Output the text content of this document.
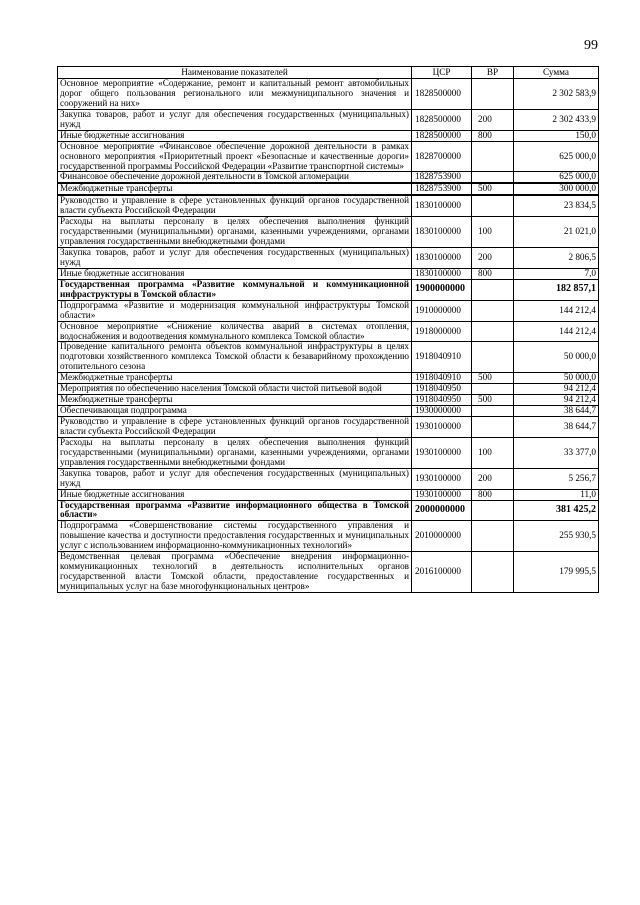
99
Наименование показателей	ЦСР	ВР	Сумма
Основное мероприятие «Содержание, ремонт и капитальный ремонт автомобильных дорог общего пользования регионального или межмуниципального значения и сооружений на них»	1828500000		2 302 583,9
Закупка товаров, работ и услуг для обеспечения государственных (муниципальных) нужд	1828500000	200	2 302 433,9
Иные бюджетные ассигнования	1828500000	800	150,0
Основное мероприятие «Финансовое обеспечение дорожной деятельности в рамках основного мероприятия «Приоритетный проект «Безопасные и качественные дороги» государственной программы Российской Федерации «Развитие транспортной системы»	1828700000		625 000,0
Финансовое обеспечение дорожной деятельности в Томской агломерации	1828753900		625 000,0

Межбюджетные трансферты	1828753900	500	300 000,0

Руководство и управление в сфере установленных функций органов государственной власти субъекта Российской Федерации	1830100000		23 834,5
Расходы на выплаты персоналу в целях обеспечения выполнения функций государственными (муниципальными) органами, казенными учреждениями, органами управления государственными внебюджетными фондами	1830100000	100	21 021,0
Закупка товаров, работ и услуг для обеспечения государственных (муниципальных) нужд	1830100000	200	2 806,5
Иные бюджетные ассигнования	1830100000	800	7,0
Государственная программа «Развитие коммунальной и коммуникационной инфраструктуры в Томской области»	1900000000		182 857,1
Подпрограмма «Развитие и модернизация коммунальной инфраструктуры Томской области»	1910000000		144 212,4
Основное мероприятие «Снижение количества аварий в системах отопления, водоснабжения и водоотведения коммунального комплекса Томской области»	1918000000		144 212,4
Проведение капитального ремонта объектов коммунальной инфраструктуры в целях подготовки хозяйственного комплекса Томской области к безаварийному прохождению отопительного сезона	1918040910		50 000,0
Межбюджетные трансферты	1918040910	500	50 000,0
Мероприятия по обеспечению населения Томской области чистой питьевой водой	1918040950		94 212,4
Межбюджетные трансферты	1918040950	500	94 212,4
Обеспечивающая подпрограмма	1930000000		38 644,7
Руководство и управление в сфере установленных функций органов государственной власти субъекта Российской Федерации	1930100000		38 644,7
Расходы на выплаты персоналу в целях обеспечения выполнения функций государственными (муниципальными) органами, казенными учреждениями, органами управления государственными внебюджетными фондами	1930100000	100	33 377,0
Закупка товаров, работ и услуг для обеспечения государственных (муниципальных) нужд	1930100000	200	5 256,7
Иные бюджетные ассигнования	1930100000	800	11,0
Государственная программа «Развитие информационного общества в Томской области»	2000000000		381 425,2
Подпрограмма «Совершенствование системы государственного управления и повышение качества и доступности предоставления государственных и муниципальных услуг с использованием информационно-коммуникационных технологий»	2010000000		255 930,5
Ведомственная целевая программа «Обеспечение внедрения информационно-коммуникационных технологий в деятельность исполнительных органов государственной власти Томской области, предоставление государственных и муниципальных услуг на базе многофункциональных центров»	2016100000		179 995,5
